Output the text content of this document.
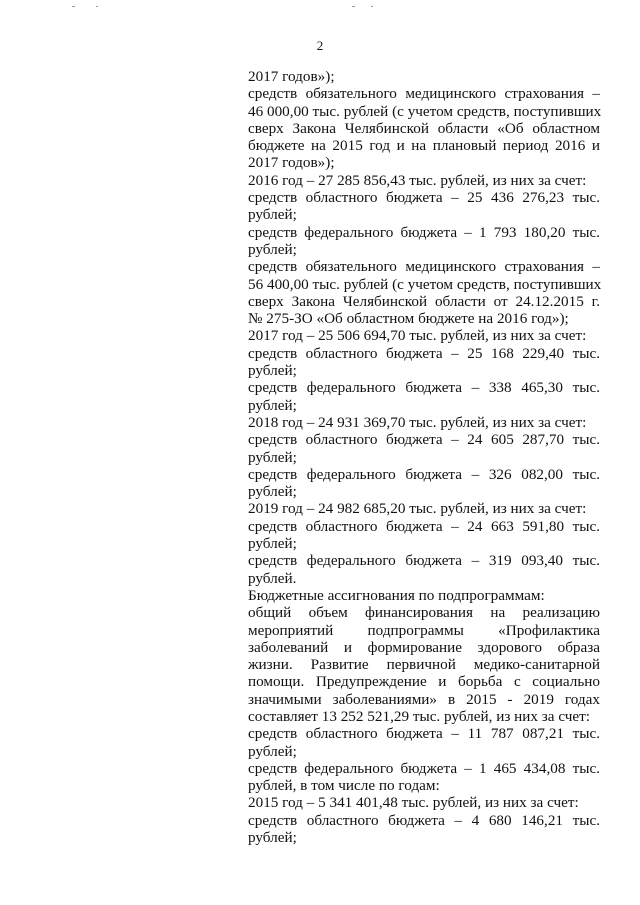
2
2017 годов»);
средств обязательного медицинского страхования –
46 000,00 тыс. рублей (с учетом средств, поступивших
сверх Закона Челябинской области «Об областном
бюджете на 2015 год и на плановый период 2016 и
2017 годов»);
2016 год – 27 285 856,43 тыс. рублей, из них за счет:
средств областного бюджета – 25 436 276,23 тыс.
рублей;
средств федерального бюджета – 1 793 180,20 тыс.
рублей;
средств обязательного медицинского страхования –
56 400,00 тыс. рублей (с учетом средств, поступивших
сверх Закона Челябинской области от 24.12.2015 г.
№ 275-ЗО «Об областном бюджете на 2016 год»);
2017 год – 25 506 694,70 тыс. рублей, из них за счет:
средств областного бюджета – 25 168 229,40 тыс.
рублей;
средств федерального бюджета – 338 465,30 тыс.
рублей;
2018 год – 24 931 369,70 тыс. рублей, из них за счет:
средств областного бюджета – 24 605 287,70 тыс.
рублей;
средств федерального бюджета – 326 082,00 тыс.
рублей;
2019 год – 24 982 685,20 тыс. рублей, из них за счет:
средств областного бюджета – 24 663 591,80 тыс.
рублей;
средств федерального бюджета – 319 093,40 тыс.
рублей.
Бюджетные ассигнования по подпрограммам:
общий объем финансирования на реализацию
мероприятий подпрограммы «Профилактика
заболеваний и формирование здорового образа
жизни. Развитие первичной медико-санитарной
помощи. Предупреждение и борьба с социально
значимыми заболеваниями» в 2015 - 2019 годах
составляет 13 252 521,29 тыс. рублей, из них за счет:
средств областного бюджета – 11 787 087,21 тыс.
рублей;
средств федерального бюджета – 1 465 434,08 тыс.
рублей, в том числе по годам:
2015 год – 5 341 401,48 тыс. рублей, из них за счет:
средств областного бюджета – 4 680 146,21 тыс.
рублей;
